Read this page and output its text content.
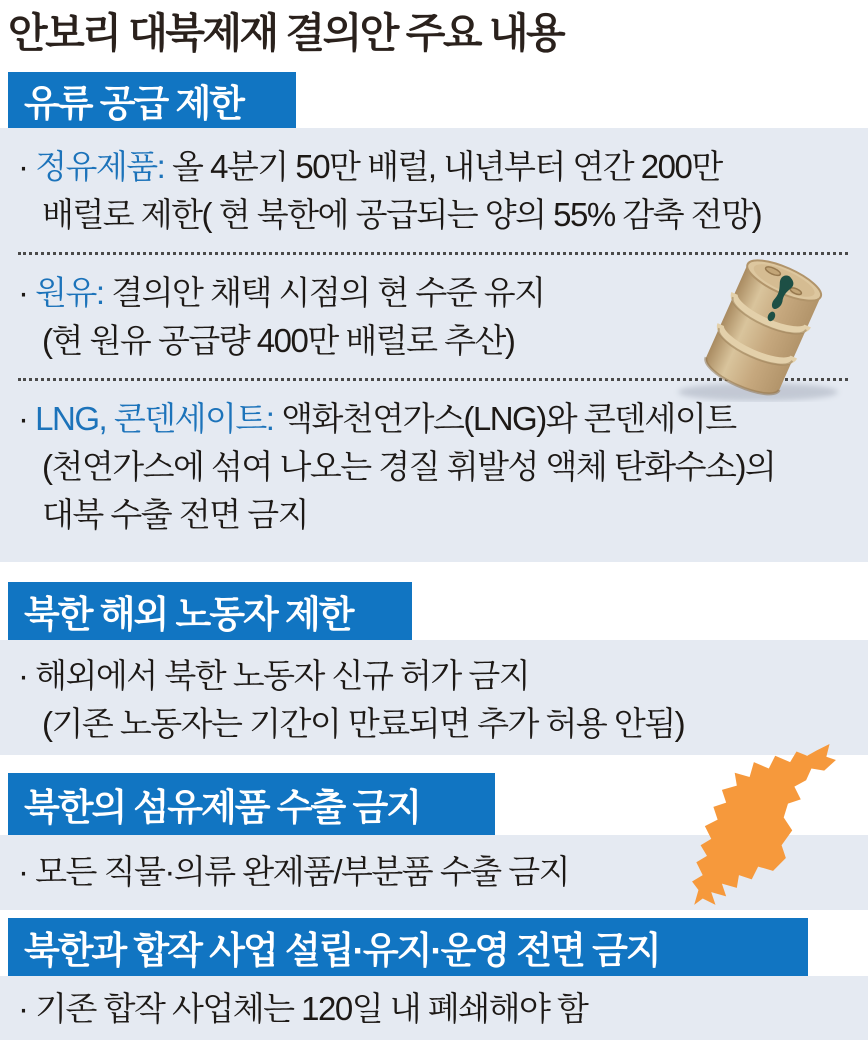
안보리 대북제재 결의안 주요 내용
유류 공급 제한
· 정유제품: 올 4분기 50만 배럴, 내년부터 연간 200만
배럴로 제한( 현 북한에 공급되는 양의 55% 감축 전망)
· 원유: 결의안 채택 시점의 현 수준 유지
(현 원유 공급량 400만 배럴로 추산)
· LNG, 콘덴세이트: 액화천연가스(LNG)와 콘덴세이트
(천연가스에 섞여 나오는 경질 휘발성 액체 탄화수소)의
대북 수출 전면 금지
북한 해외 노동자 제한
· 해외에서 북한 노동자 신규 허가 금지
(기존 노동자는 기간이 만료되면 추가 허용 안됨)
북한의 섬유제품 수출 금지
· 모든 직물·의류 완제품/부분품 수출 금지
북한과 합작 사업 설립·유지·운영 전면 금지
· 기존 합작 사업체는 120일 내 폐쇄해야 함
